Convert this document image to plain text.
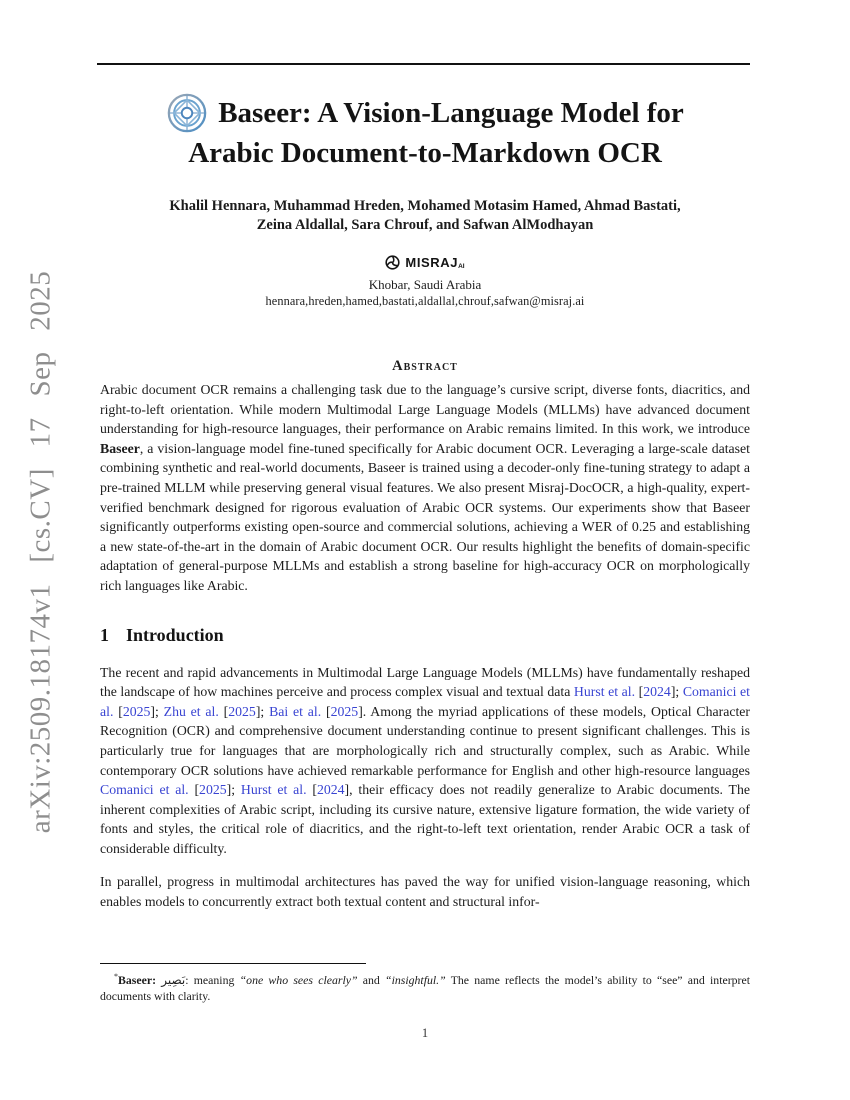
arXiv:2509.18174v1 [cs.CV] 17 Sep 2025
Baseer: A Vision-Language Model for
Arabic Document-to-Markdown OCR
Khalil Hennara, Muhammad Hreden, Mohamed Motasim Hamed, Ahmad Bastati,
Zeina Aldallal, Sara Chrouf, and Safwan AlModhayan
MISRAJAI
Khobar, Saudi Arabia
hennara,hreden,hamed,bastati,aldallal,chrouf,safwan@misraj.ai
Abstract

Arabic document OCR remains a challenging task due to the language’s cursive script, diverse fonts, diacritics, and right-to-left orientation. While modern Multimodal Large Language Models (MLLMs) have advanced document understanding for high-resource languages, their performance on Arabic remains limited. In this work, we introduce Baseer, a vision-language model fine-tuned specifically for Arabic document OCR. Leveraging a large-scale dataset combining synthetic and real-world documents, Baseer is trained using a decoder-only fine-tuning strategy to adapt a pre-trained MLLM while preserving general visual features. We also present Misraj-DocOCR, a high-quality, expert-verified benchmark designed for rigorous evaluation of Arabic OCR systems. Our experiments show that Baseer significantly outperforms existing open-source and commercial solutions, achieving a WER of 0.25 and establishing a new state-of-the-art in the domain of Arabic document OCR. Our results highlight the benefits of domain-specific adaptation of general-purpose MLLMs and establish a strong baseline for high-accuracy OCR on morphologically rich languages like Arabic.

1 Introduction

The recent and rapid advancements in Multimodal Large Language Models (MLLMs) have fundamentally reshaped the landscape of how machines perceive and process complex visual and textual data Hurst et al. [2024]; Comanici et al. [2025]; Zhu et al. [2025]; Bai et al. [2025]. Among the myriad applications of these models, Optical Character Recognition (OCR) and comprehensive document understanding continue to present significant challenges. This is particularly true for languages that are morphologically rich and structurally complex, such as Arabic. While contemporary OCR solutions have achieved remarkable performance for English and other high-resource languages Comanici et al. [2025]; Hurst et al. [2024], their efficacy does not readily generalize to Arabic documents. The inherent complexities of Arabic script, including its cursive nature, extensive ligature formation, the wide variety of fonts and styles, the critical role of diacritics, and the right-to-left text orientation, render Arabic OCR a task of considerable difficulty.

In parallel, progress in multimodal architectures has paved the way for unified vision-language reasoning, which enables models to concurrently extract both textual content and structural infor-

*Baseer: بَصِير: meaning “one who sees clearly” and “insightful.” The name reflects the model’s ability to “see” and interpret documents with clarity.

1
